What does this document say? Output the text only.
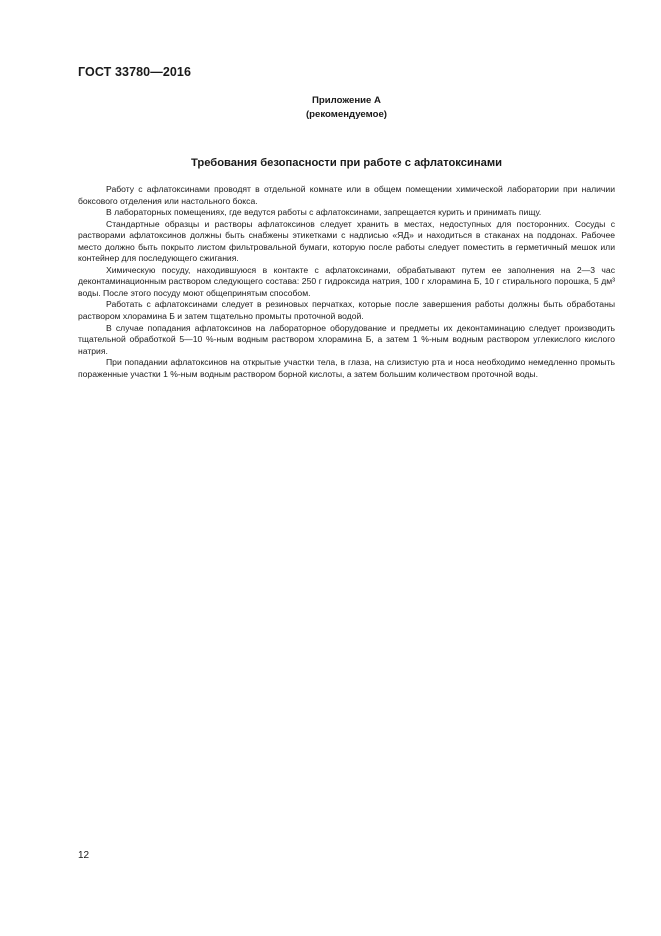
ГОСТ 33780—2016
Приложение А
(рекомендуемое)
Требования безопасности при работе с афлатоксинами

Работу с афлатоксинами проводят в отдельной комнате или в общем помещении химической лаборатории при наличии боксового отделения или настольного бокса.

В лабораторных помещениях, где ведутся работы с афлатоксинами, запрещается курить и принимать пищу.

Стандартные образцы и растворы афлатоксинов следует хранить в местах, недоступных для посторонних. Сосуды с растворами афлатоксинов должны быть снабжены этикетками с надписью «ЯД» и находиться в стаканах на поддонах. Рабочее место должно быть покрыто листом фильтровальной бумаги, которую после работы следует поместить в герметичный мешок или контейнер для последующего сжигания.

Химическую посуду, находившуюся в контакте с афлатоксинами, обрабатывают путем ее заполнения на 2—3 час деконтаминационным раствором следующего состава: 250 г гидроксида натрия, 100 г хлорамина Б, 10 г стирального порошка, 5 дм³ воды. После этого посуду моют общепринятым способом.

Работать с афлатоксинами следует в резиновых перчатках, которые после завершения работы должны быть обработаны раствором хлорамина Б и затем тщательно промыты проточной водой.

В случае попадания афлатоксинов на лабораторное оборудование и предметы их деконтаминацию следует производить тщательной обработкой 5—10 %-ным водным раствором хлорамина Б, а затем 1 %-ным водным раствором углекислого кислого натрия.

При попадании афлатоксинов на открытые участки тела, в глаза, на слизистую рта и носа необходимо немедленно промыть пораженные участки 1 %-ным водным раствором борной кислоты, а затем большим количеством проточной воды.

12
